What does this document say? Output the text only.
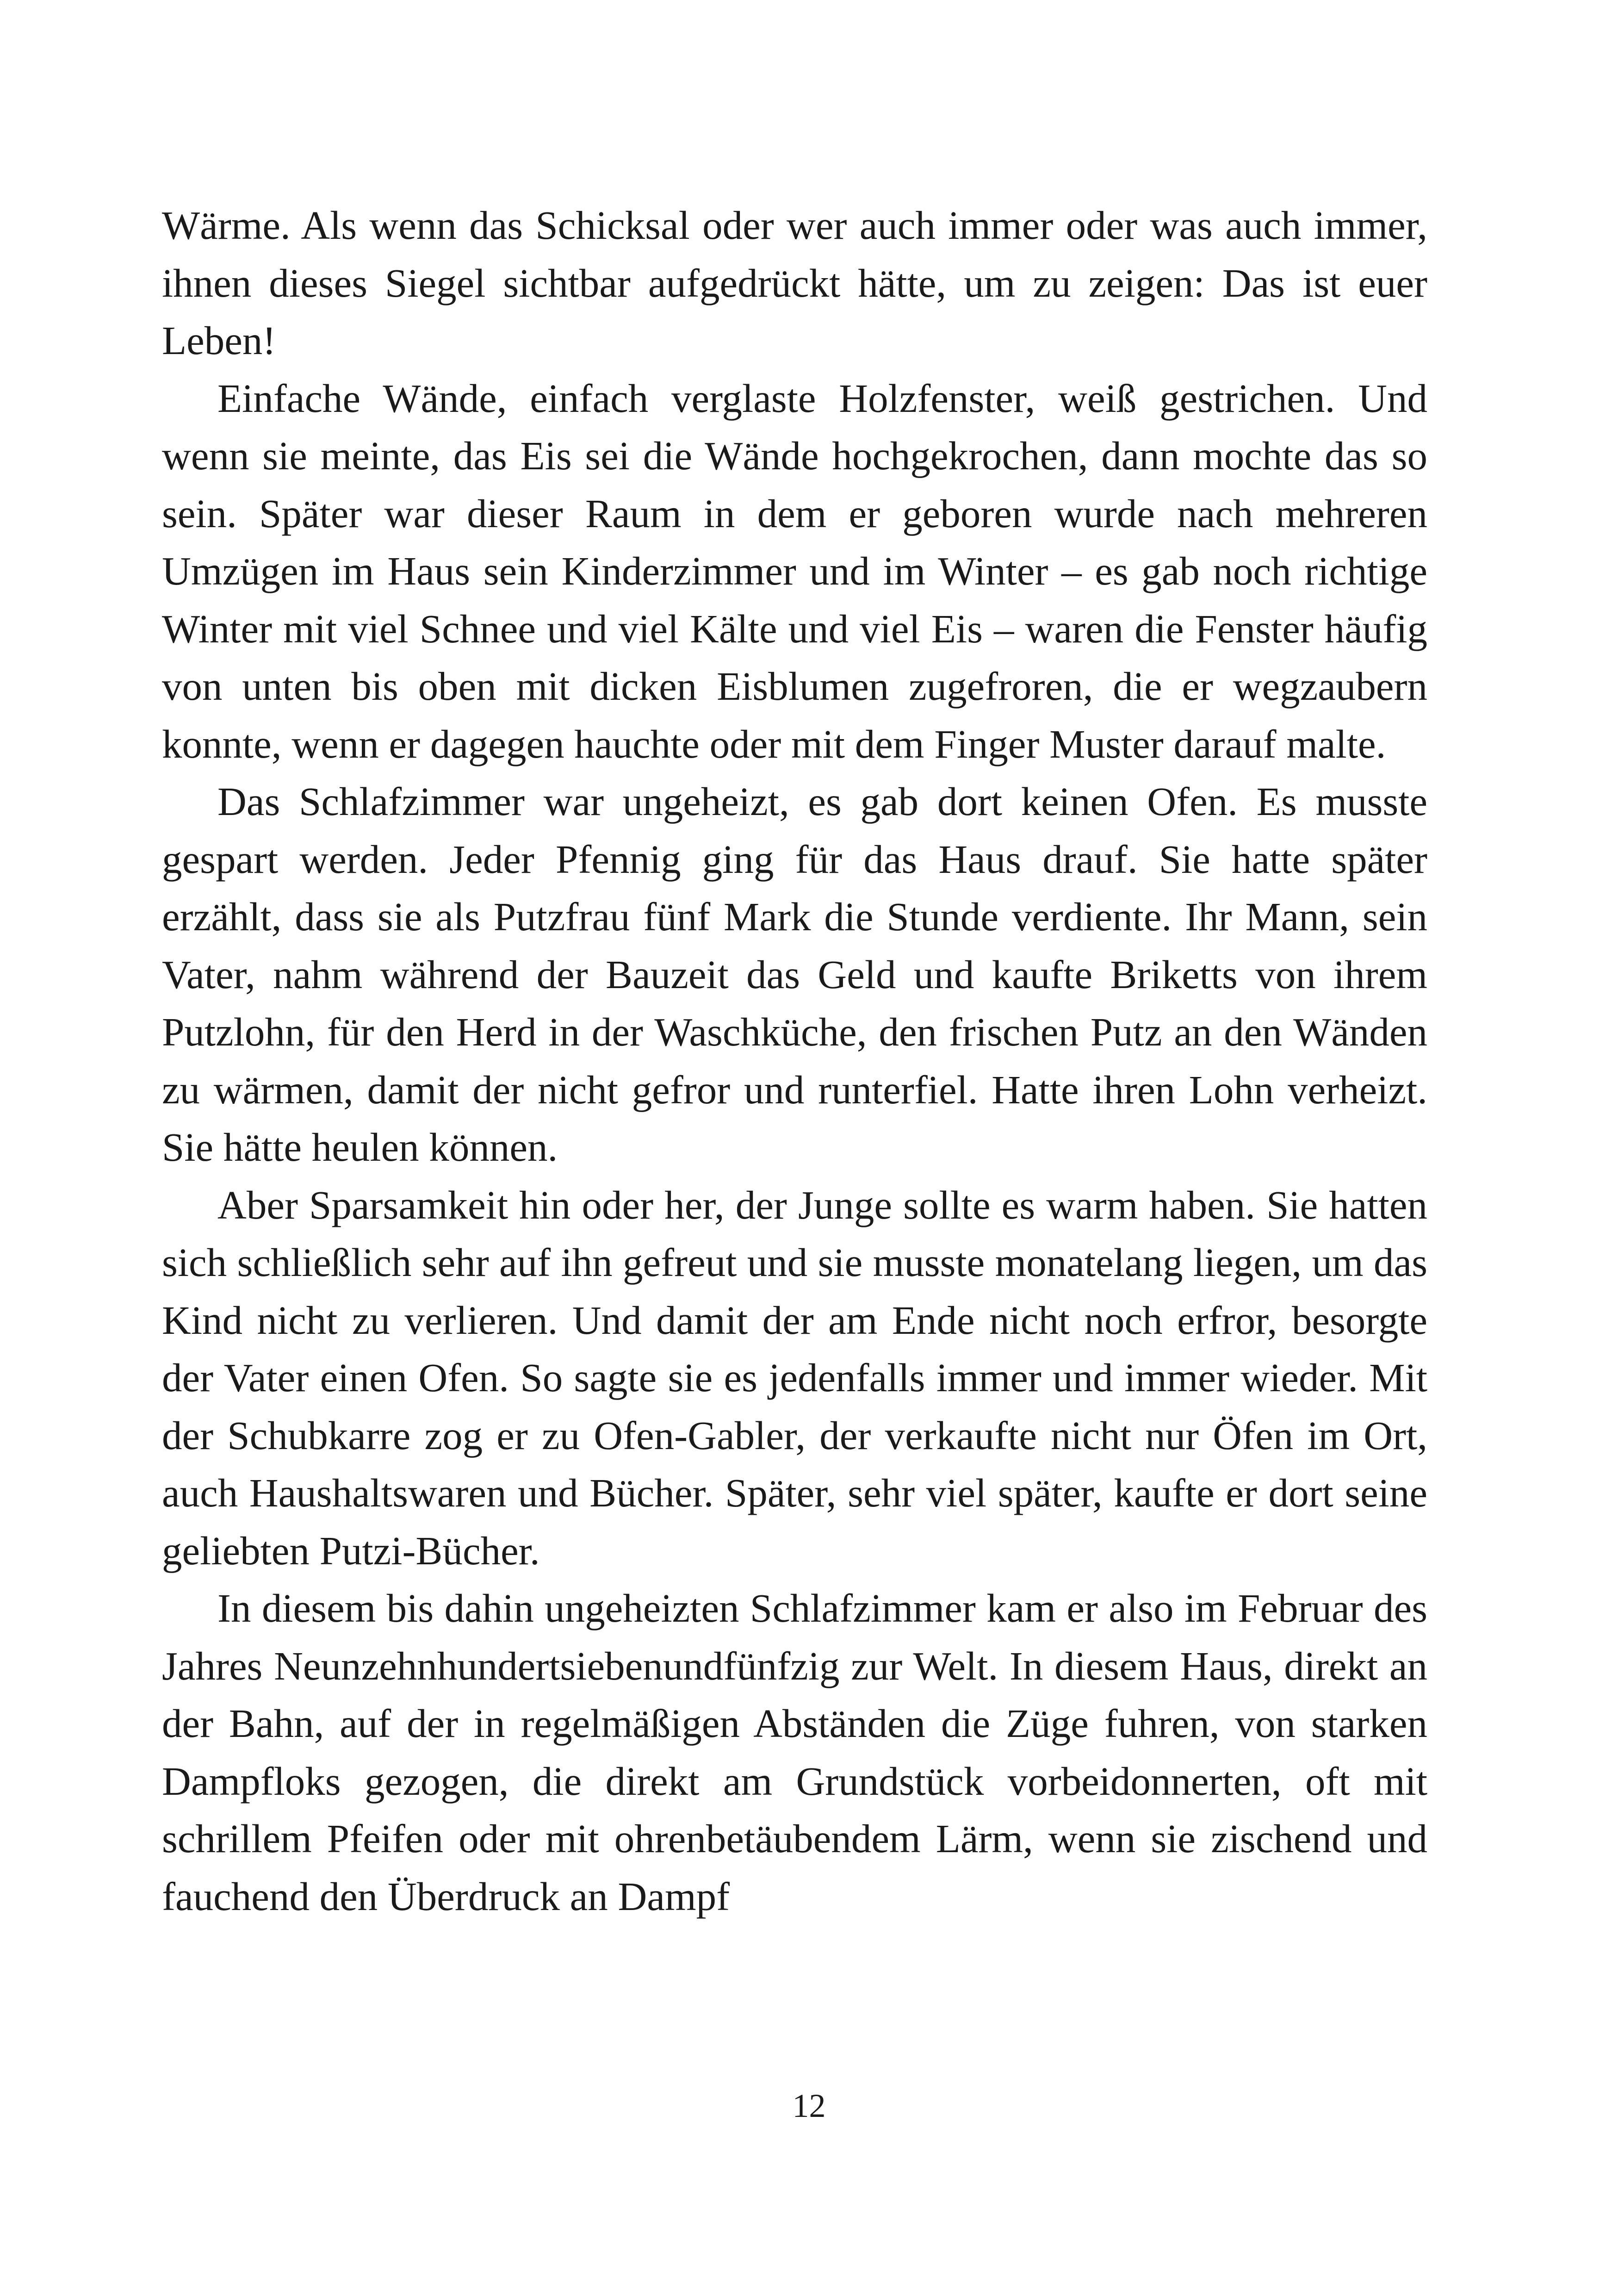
Wärme. Als wenn das Schicksal oder wer auch immer oder was auch immer, ihnen dieses Siegel sichtbar aufgedrückt hätte, um zu zeigen: Das ist euer Leben!

Einfache Wände, einfach verglaste Holzfenster, weiß gestrichen. Und wenn sie meinte, das Eis sei die Wände hochgekrochen, dann mochte das so sein. Später war dieser Raum in dem er geboren wurde nach mehreren Umzügen im Haus sein Kinderzimmer und im Winter – es gab noch richtige Winter mit viel Schnee und viel Kälte und viel Eis – waren die Fenster häufig von unten bis oben mit dicken Eisblumen zugefroren, die er wegzaubern konnte, wenn er dagegen hauchte oder mit dem Finger Muster darauf malte.

Das Schlafzimmer war ungeheizt, es gab dort keinen Ofen. Es musste gespart werden. Jeder Pfennig ging für das Haus drauf. Sie hatte später erzählt, dass sie als Putzfrau fünf Mark die Stunde verdiente. Ihr Mann, sein Vater, nahm während der Bauzeit das Geld und kaufte Briketts von ihrem Putzlohn, für den Herd in der Waschküche, den frischen Putz an den Wänden zu wärmen, damit der nicht gefror und runterfiel. Hatte ihren Lohn verheizt. Sie hätte heulen können.

Aber Sparsamkeit hin oder her, der Junge sollte es warm haben. Sie hatten sich schließlich sehr auf ihn gefreut und sie musste monatelang liegen, um das Kind nicht zu verlieren. Und damit der am Ende nicht noch erfror, besorgte der Vater einen Ofen. So sagte sie es jedenfalls immer und immer wieder. Mit der Schubkarre zog er zu Ofen-Gabler, der verkaufte nicht nur Öfen im Ort, auch Haushaltswaren und Bücher. Später, sehr viel später, kaufte er dort seine geliebten Putzi-Bücher.

In diesem bis dahin ungeheizten Schlafzimmer kam er also im Februar des Jahres Neunzehnhundertsiebenundfünfzig zur Welt. In diesem Haus, direkt an der Bahn, auf der in regelmäßigen Abständen die Züge fuhren, von starken Dampfloks gezogen, die direkt am Grundstück vorbeidonnerten, oft mit schrillem Pfeifen oder mit ohrenbetäubendem Lärm, wenn sie zischend und fauchend den Überdruck an Dampf

12
